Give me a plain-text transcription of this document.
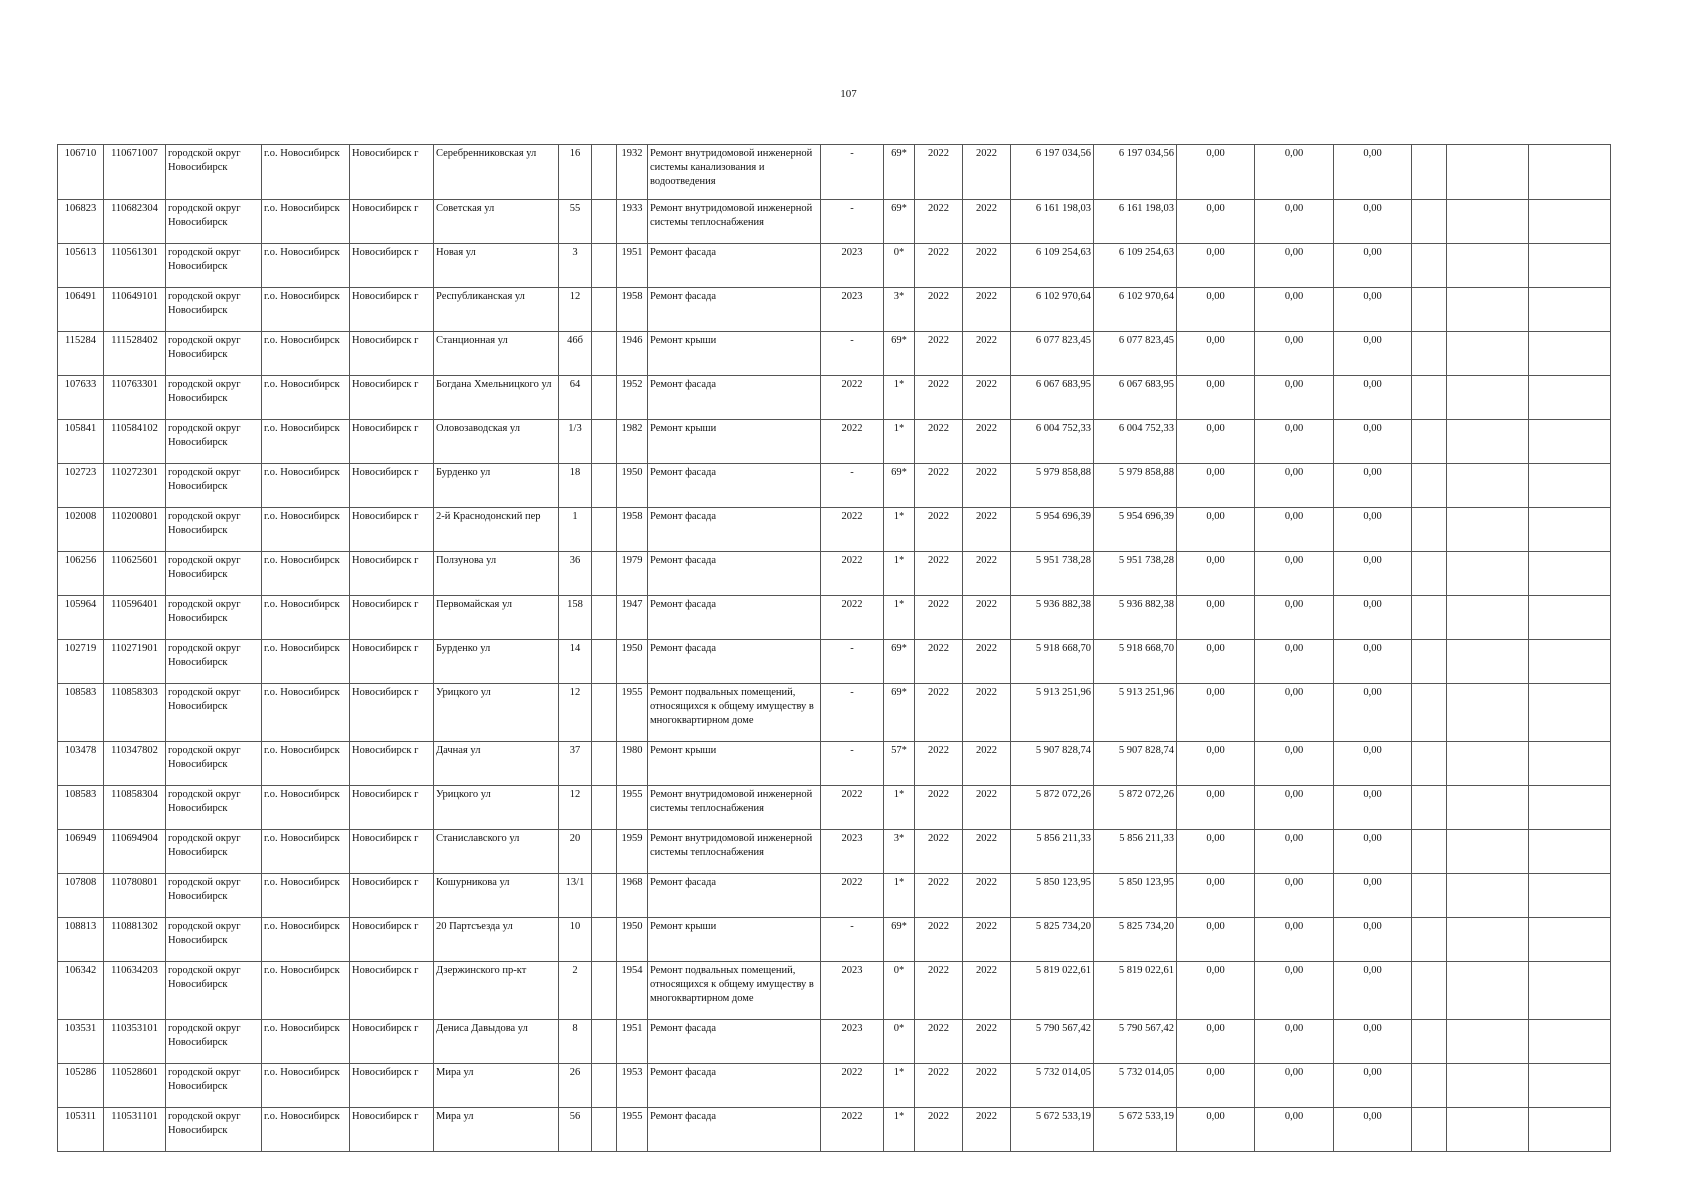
107
106710	110671007	городской округ Новосибирск	г.о. Новосибирск	Новосибирск г	Серебренниковская ул	16		1932	Ремонт внутридомовой инженерной системы канализования и водоотведения	-	69*	2022	2022	6 197 034,56	6 197 034,56	0,00	0,00	0,00			
106823	110682304	городской округ Новосибирск	г.о. Новосибирск	Новосибирск г	Советская ул	55		1933	Ремонт внутридомовой инженерной системы теплоснабжения	-	69*	2022	2022	6 161 198,03	6 161 198,03	0,00	0,00	0,00			
105613	110561301	городской округ Новосибирск	г.о. Новосибирск	Новосибирск г	Новая ул	3		1951	Ремонт фасада	2023	0*	2022	2022	6 109 254,63	6 109 254,63	0,00	0,00	0,00			
106491	110649101	городской округ Новосибирск	г.о. Новосибирск	Новосибирск г	Республиканская ул	12		1958	Ремонт фасада	2023	3*	2022	2022	6 102 970,64	6 102 970,64	0,00	0,00	0,00			
115284	111528402	городской округ Новосибирск	г.о. Новосибирск	Новосибирск г	Станционная ул	46б		1946	Ремонт крыши	-	69*	2022	2022	6 077 823,45	6 077 823,45	0,00	0,00	0,00			
107633	110763301	городской округ Новосибирск	г.о. Новосибирск	Новосибирск г	Богдана Хмельницкого ул	64		1952	Ремонт фасада	2022	1*	2022	2022	6 067 683,95	6 067 683,95	0,00	0,00	0,00			
105841	110584102	городской округ Новосибирск	г.о. Новосибирск	Новосибирск г	Оловозаводская ул	1/3		1982	Ремонт крыши	2022	1*	2022	2022	6 004 752,33	6 004 752,33	0,00	0,00	0,00			
102723	110272301	городской округ Новосибирск	г.о. Новосибирск	Новосибирск г	Бурденко ул	18		1950	Ремонт фасада	-	69*	2022	2022	5 979 858,88	5 979 858,88	0,00	0,00	0,00			
102008	110200801	городской округ Новосибирск	г.о. Новосибирск	Новосибирск г	2-й Краснодонский пер	1		1958	Ремонт фасада	2022	1*	2022	2022	5 954 696,39	5 954 696,39	0,00	0,00	0,00			
106256	110625601	городской округ Новосибирск	г.о. Новосибирск	Новосибирск г	Ползунова ул	36		1979	Ремонт фасада	2022	1*	2022	2022	5 951 738,28	5 951 738,28	0,00	0,00	0,00			
105964	110596401	городской округ Новосибирск	г.о. Новосибирск	Новосибирск г	Первомайская ул	158		1947	Ремонт фасада	2022	1*	2022	2022	5 936 882,38	5 936 882,38	0,00	0,00	0,00			
102719	110271901	городской округ Новосибирск	г.о. Новосибирск	Новосибирск г	Бурденко ул	14		1950	Ремонт фасада	-	69*	2022	2022	5 918 668,70	5 918 668,70	0,00	0,00	0,00			
108583	110858303	городской округ Новосибирск	г.о. Новосибирск	Новосибирск г	Урицкого ул	12		1955	Ремонт подвальных помещений, относящихся к общему имуществу в многоквартирном доме	-	69*	2022	2022	5 913 251,96	5 913 251,96	0,00	0,00	0,00			
103478	110347802	городской округ Новосибирск	г.о. Новосибирск	Новосибирск г	Дачная ул	37		1980	Ремонт крыши	-	57*	2022	2022	5 907 828,74	5 907 828,74	0,00	0,00	0,00			
108583	110858304	городской округ Новосибирск	г.о. Новосибирск	Новосибирск г	Урицкого ул	12		1955	Ремонт внутридомовой инженерной системы теплоснабжения	2022	1*	2022	2022	5 872 072,26	5 872 072,26	0,00	0,00	0,00			
106949	110694904	городской округ Новосибирск	г.о. Новосибирск	Новосибирск г	Станиславского ул	20		1959	Ремонт внутридомовой инженерной системы теплоснабжения	2023	3*	2022	2022	5 856 211,33	5 856 211,33	0,00	0,00	0,00			
107808	110780801	городской округ Новосибирск	г.о. Новосибирск	Новосибирск г	Кошурникова ул	13/1		1968	Ремонт фасада	2022	1*	2022	2022	5 850 123,95	5 850 123,95	0,00	0,00	0,00			
108813	110881302	городской округ Новосибирск	г.о. Новосибирск	Новосибирск г	20 Партсъезда ул	10		1950	Ремонт крыши	-	69*	2022	2022	5 825 734,20	5 825 734,20	0,00	0,00	0,00			
106342	110634203	городской округ Новосибирск	г.о. Новосибирск	Новосибирск г	Дзержинского пр-кт	2		1954	Ремонт подвальных помещений, относящихся к общему имуществу в многоквартирном доме	2023	0*	2022	2022	5 819 022,61	5 819 022,61	0,00	0,00	0,00			
103531	110353101	городской округ Новосибирск	г.о. Новосибирск	Новосибирск г	Дениса Давыдова ул	8		1951	Ремонт фасада	2023	0*	2022	2022	5 790 567,42	5 790 567,42	0,00	0,00	0,00			
105286	110528601	городской округ Новосибирск	г.о. Новосибирск	Новосибирск г	Мира ул	26		1953	Ремонт фасада	2022	1*	2022	2022	5 732 014,05	5 732 014,05	0,00	0,00	0,00			
105311	110531101	городской округ Новосибирск	г.о. Новосибирск	Новосибирск г	Мира ул	56		1955	Ремонт фасада	2022	1*	2022	2022	5 672 533,19	5 672 533,19	0,00	0,00	0,00			
